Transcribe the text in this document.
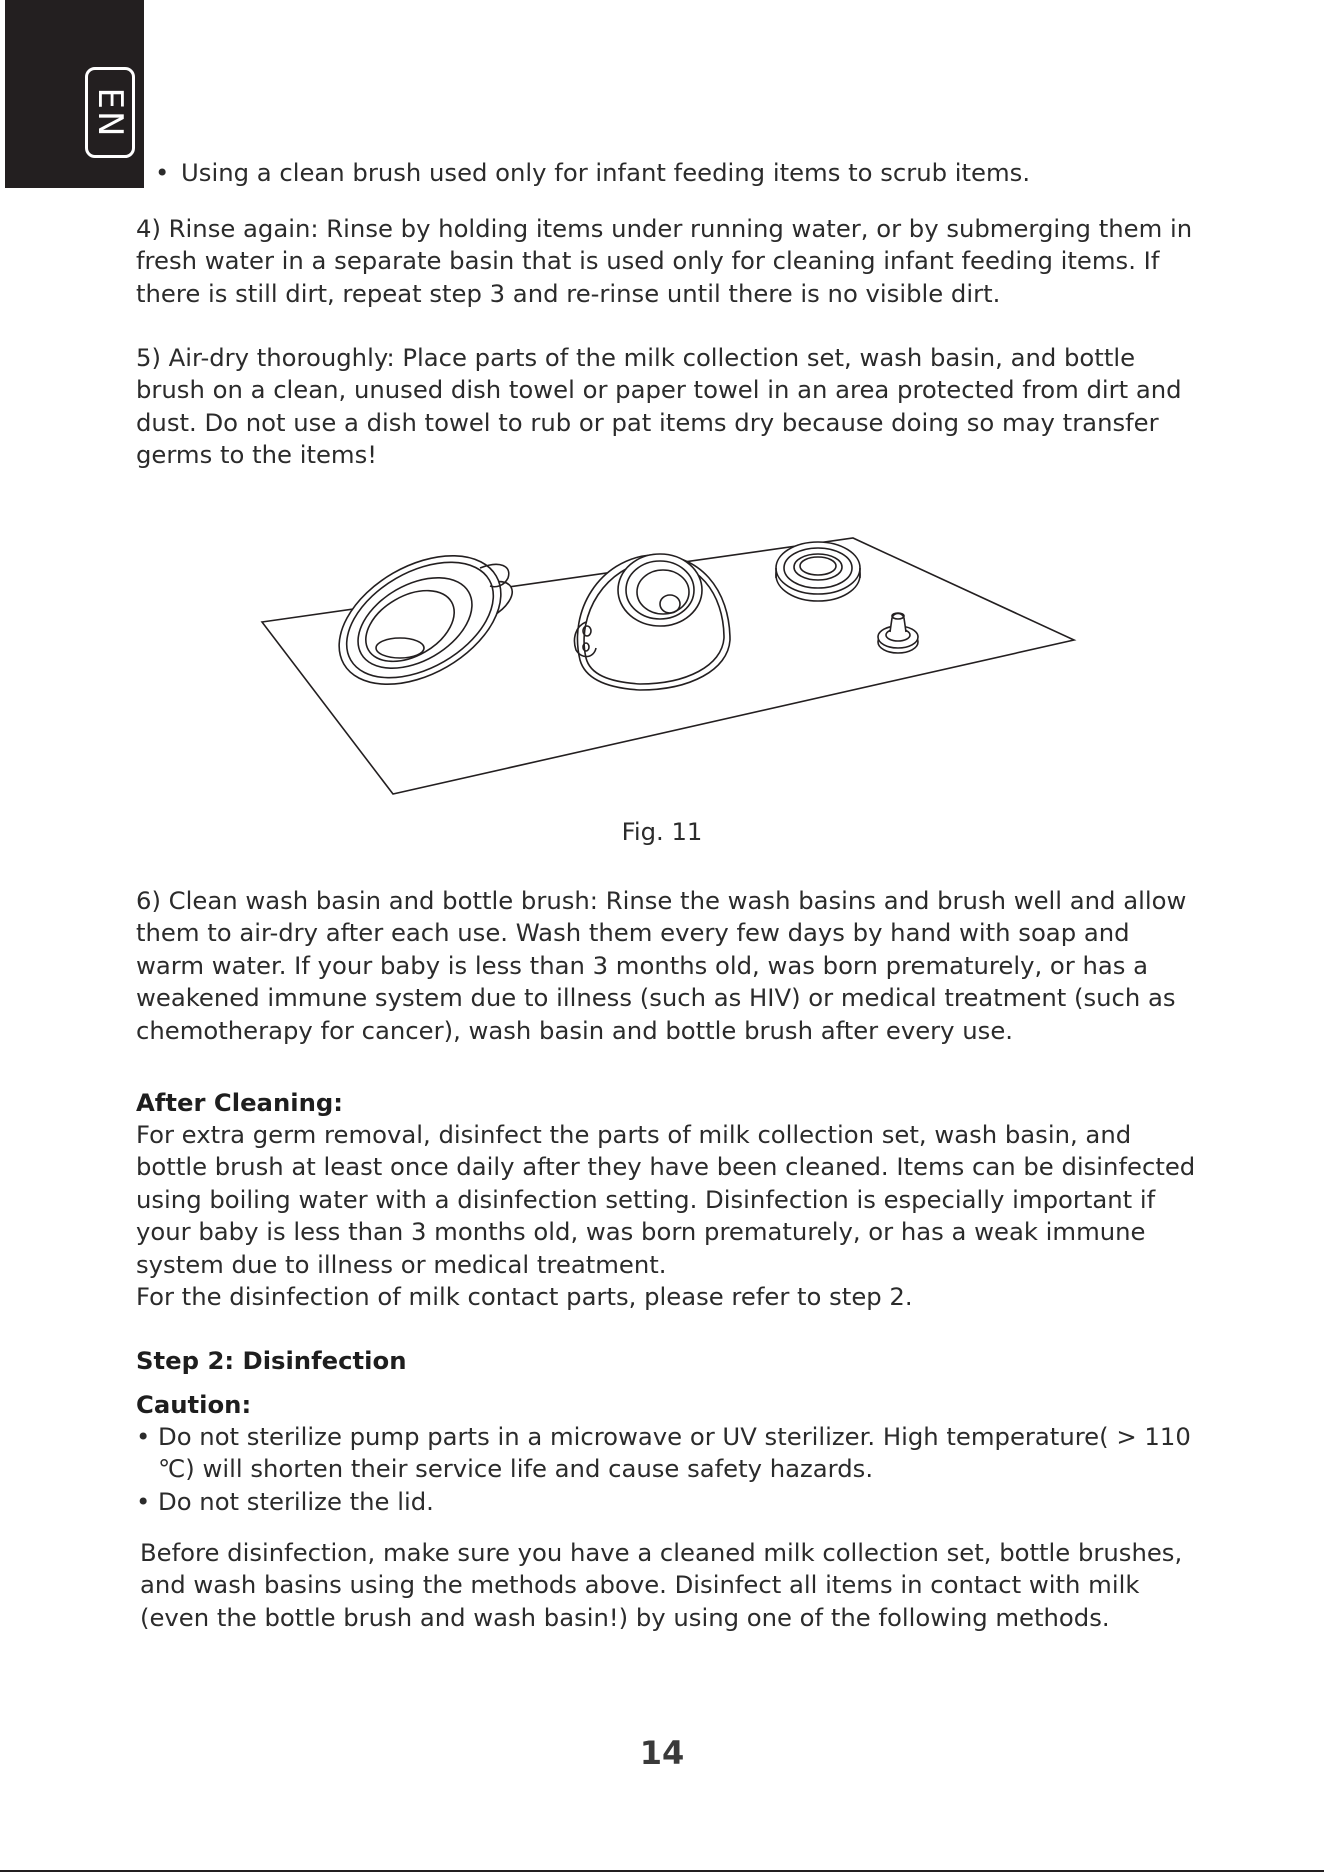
EN

• Using a clean brush used only for infant feeding items to scrub items.

4) Rinse again: Rinse by holding items under running water, or by submerging them in fresh water in a separate basin that is used only for cleaning infant feeding items. If there is still dirt, repeat step 3 and re-rinse until there is no visible dirt.

5) Air-dry thoroughly: Place parts of the milk collection set, wash basin, and bottle brush on a clean, unused dish towel or paper towel in an area protected from dirt and dust. Do not use a dish towel to rub or pat items dry because doing so may transfer germs to the items!

Fig. 11

6) Clean wash basin and bottle brush: Rinse the wash basins and brush well and allow them to air-dry after each use. Wash them every few days by hand with soap and warm water. If your baby is less than 3 months old, was born prematurely, or has a weakened immune system due to illness (such as HIV) or medical treatment (such as chemotherapy for cancer), wash basin and bottle brush after every use.

After Cleaning:

For extra germ removal, disinfect the parts of milk collection set, wash basin, and bottle brush at least once daily after they have been cleaned. Items can be disinfected using boiling water with a disinfection setting. Disinfection is especially important if your baby is less than 3 months old, was born prematurely, or has a weak immune system due to illness or medical treatment.

For the disinfection of milk contact parts, please refer to step 2.

Step 2: Disinfection

Caution:

• Do not sterilize pump parts in a microwave or UV sterilizer. High temperature( > 110 ℃) will shorten their service life and cause safety hazards.
• Do not sterilize the lid.

Before disinfection, make sure you have a cleaned milk collection set, bottle brushes, and wash basins using the methods above. Disinfect all items in contact with milk (even the bottle brush and wash basin!) by using one of the following methods.

14
